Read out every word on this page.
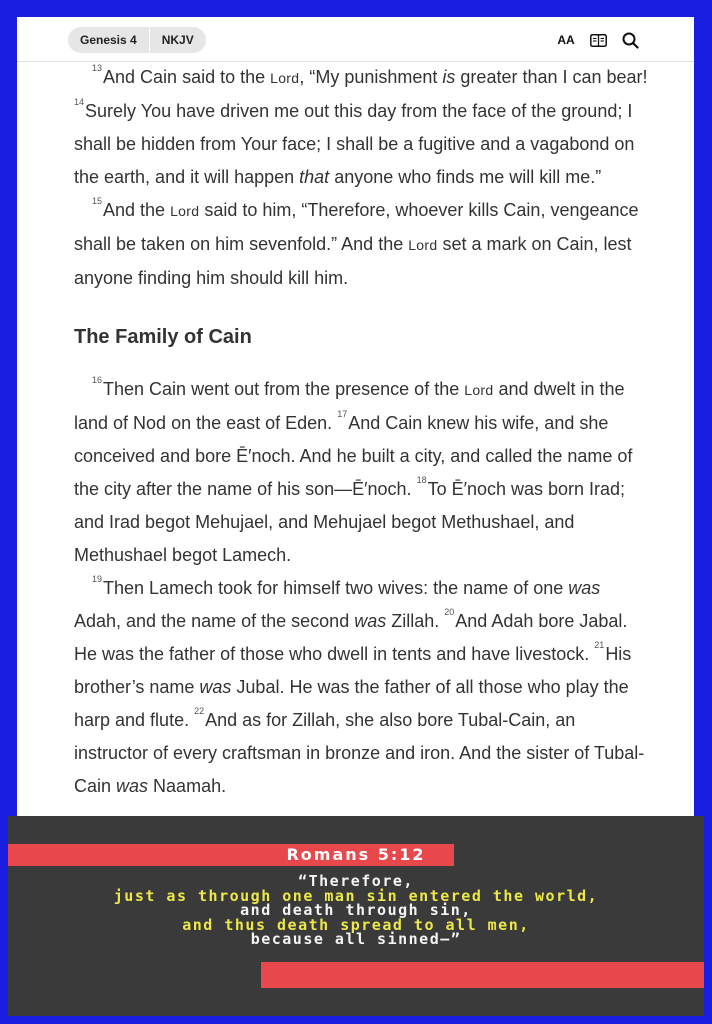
Genesis 4	NKJV	AA

$^{13}$And Cain said to the Lord, “My punishment is greater than I can bear! $^{14}$Surely You have driven me out this day from the face of the ground; I shall be hidden from Your face; I shall be a fugitive and a vagabond on the earth, and it will happen that anyone who finds me will kill me.”

$^{15}$And the Lord said to him, “Therefore, whoever kills Cain, vengeance shall be taken on him sevenfold.” And the Lord set a mark on Cain, lest anyone finding him should kill him.

The Family of Cain

$^{16}$Then Cain went out from the presence of the Lord and dwelt in the land of Nod on the east of Eden. $^{17}$And Cain knew his wife, and she conceived and bore Ē′noch. And he built a city, and called the name of the city after the name of his son—Ē′noch. $^{18}$To Ē′noch was born Irad; and Irad begot Mehujael, and Mehujael begot Methushael, and Methushael begot Lamech.

$^{19}$Then Lamech took for himself two wives: the name of one was Adah, and the name of the second was Zillah. $^{20}$And Adah bore Jabal. He was the father of those who dwell in tents and have livestock. $^{21}$His brother’s name was Jubal. He was the father of all those who play the harp and flute. $^{22}$And as for Zillah, she also bore Tubal-Cain, an instructor of every craftsman in bronze and iron. And the sister of Tubal-Cain was Naamah.

Romans 5:12
“Therefore,
just as through one man sin entered the world,
and death through sin,
and thus death spread to all men,
because all sinned—”
